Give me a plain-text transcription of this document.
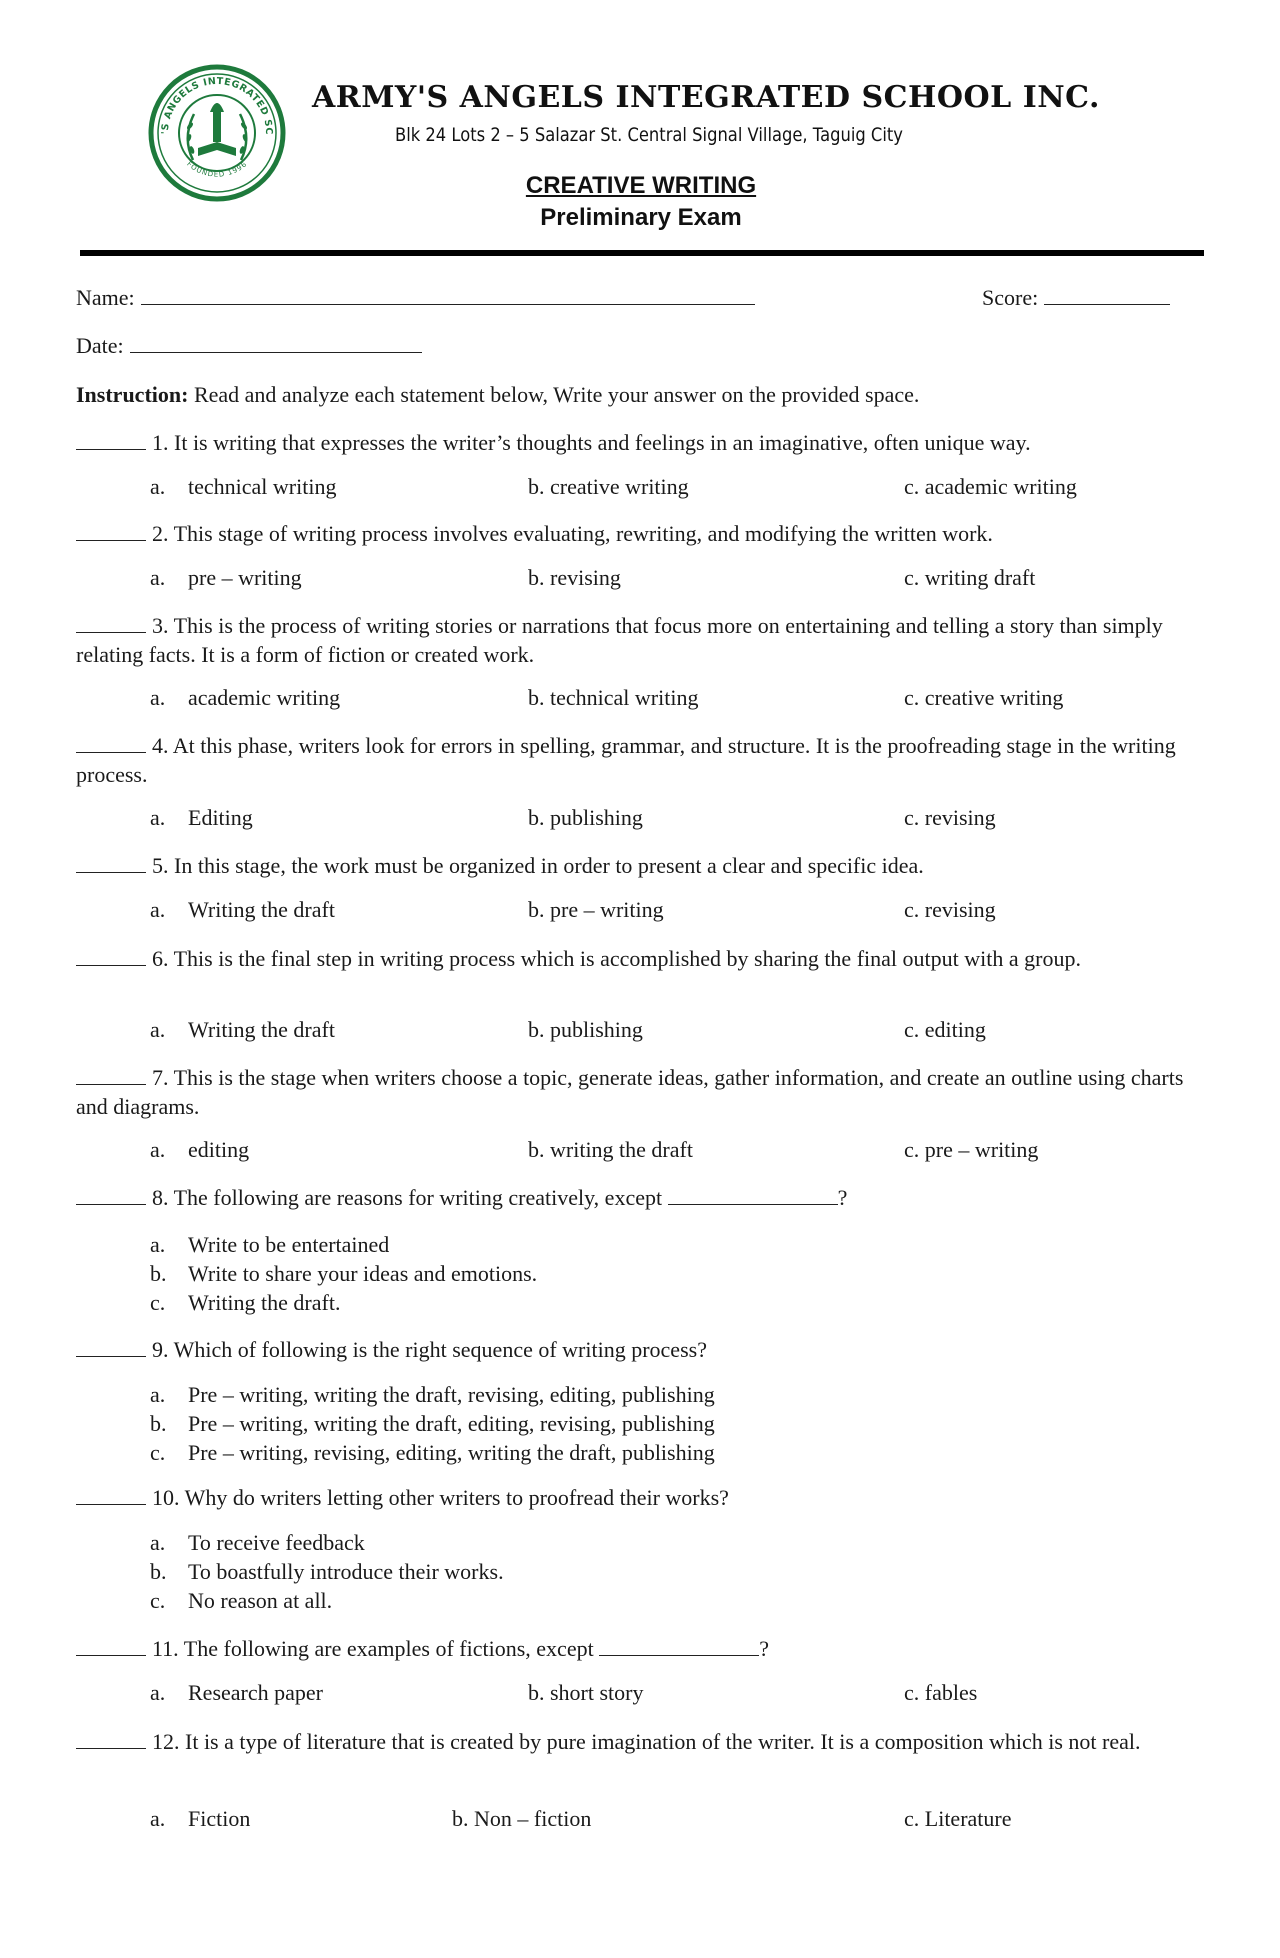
'S ANGELS INTEGRATED SC
FOUNDED 1996
ARMY'S ANGELS INTEGRATED SCHOOL INC.
Blk 24 Lots 2 – 5 Salazar St. Central Signal Village, Taguig City
CREATIVE WRITING
Preliminary Exam
Name:	Score:
Date:
Instruction: Read and analyze each statement below, Write your answer on the provided space.
1. It is writing that expresses the writer’s thoughts and feelings in an imaginative, often unique way.
a. technical writing	b. creative writing	c. academic writing
2. This stage of writing process involves evaluating, rewriting, and modifying the written work.
a. pre – writing	b. revising	c. writing draft
3. This is the process of writing stories or narrations that focus more on entertaining and telling a story than simply relating facts. It is a form of fiction or created work.
a. academic writing	b. technical writing	c. creative writing
4. At this phase, writers look for errors in spelling, grammar, and structure. It is the proofreading stage in the writing process.
a. Editing	b. publishing	c. revising
5. In this stage, the work must be organized in order to present a clear and specific idea.
a. Writing the draft	b. pre – writing	c. revising
6. This is the final step in writing process which is accomplished by sharing the final output with a group.
a. Writing the draft	b. publishing	c. editing
7. This is the stage when writers choose a topic, generate ideas, gather information, and create an outline using charts and diagrams.
a. editing	b. writing the draft	c. pre – writing
8. The following are reasons for writing creatively, except	?
a. Write to be entertained
b. Write to share your ideas and emotions.
c. Writing the draft.
9. Which of following is the right sequence of writing process?
a. Pre – writing, writing the draft, revising, editing, publishing
b. Pre – writing, writing the draft, editing, revising, publishing
c. Pre – writing, revising, editing, writing the draft, publishing
10. Why do writers letting other writers to proofread their works?
a. To receive feedback
b. To boastfully introduce their works.
c. No reason at all.
11. The following are examples of fictions, except	?
a. Research paper	b. short story	c. fables
12. It is a type of literature that is created by pure imagination of the writer. It is a composition which is not real.
a. Fiction	b. Non – fiction	c. Literature
